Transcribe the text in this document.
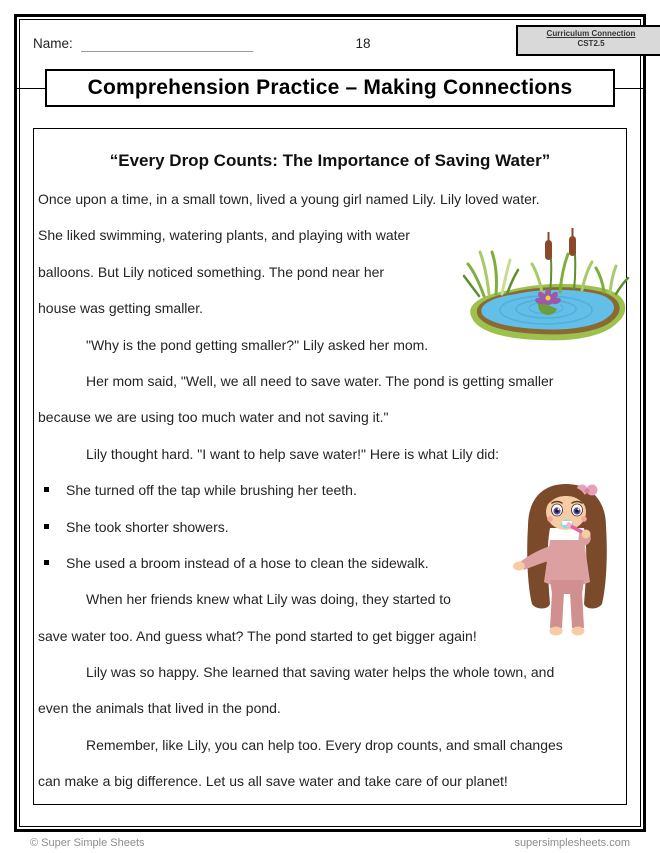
Name:	18
Curriculum Connection
CST2.5
Comprehension Practice – Making Connections
“Every Drop Counts: The Importance of Saving Water”
Once upon a time, in a small town, lived a young girl named Lily. Lily loved water.
She liked swimming, watering plants, and playing with water
balloons. But Lily noticed something. The pond near her
house was getting smaller.
"Why is the pond getting smaller?" Lily asked her mom.
Her mom said, "Well, we all need to save water. The pond is getting smaller
because we are using too much water and not saving it."
Lily thought hard. "I want to help save water!" Here is what Lily did:
She turned off the tap while brushing her teeth.
She took shorter showers.
She used a broom instead of a hose to clean the sidewalk.
When her friends knew what Lily was doing, they started to
save water too. And guess what? The pond started to get bigger again!
Lily was so happy. She learned that saving water helps the whole town, and
even the animals that lived in the pond.
Remember, like Lily, you can help too. Every drop counts, and small changes
can make a big difference. Let us all save water and take care of our planet!
© Super Simple Sheets	supersimplesheets.com
